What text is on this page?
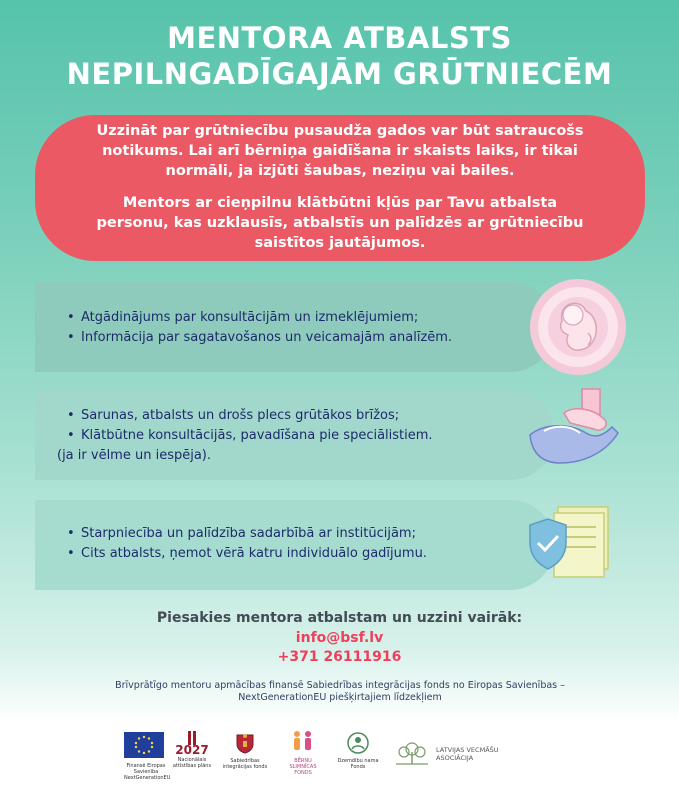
MENTORA ATBALSTS
NEPILNGADĪGAJĀM GRŪTNIECĒM

Uzzināt par grūtniecību pusaudža gados var būt satraucošs notikums. Lai arī bērniņa gaidīšana ir skaists laiks, ir tikai normāli, ja izjūti šaubas, neziņu vai bailes.

Mentors ar cieņpilnu klātbūtni kļūs par Tavu atbalsta personu, kas uzklausīs, atbalstīs un palīdzēs ar grūtniecību saistītos jautājumos.

• Atgādinājums par konsultācijām un izmeklējumiem;
• Informācija par sagatavošanos un veicamajām analīzēm.
• Sarunas, atbalsts un drošs plecs grūtākos brīžos;
• Klātbūtne konsultācijās, pavadīšana pie speciālistiem.
(ja ir vēlme un iespēja).
• Starpniecība un palīdzība sadarbībā ar institūcijām;
• Cits atbalsts, ņemot vērā katru individuālo gadījumu.
Piesakies mentora atbalstam un uzzini vairāk:
info@bsf.lv
+371 26111916
Brīvprātīgo mentoru apmācības finansē Sabiedrības integrācijas fonds no Eiropas Savienības –
NextGenerationEU piešķirtajiem līdzekļiem
Finansē Eiropas Savienība NextGenerationEU
2027
Nacionālais attīstības plāns
Sabiedrības integrācijas fonds
BĒRNU SLIMNĪCAS FONDS
Dzemdību nama Fonds
LATVIJAS VECMĀŠU ASOCIĀCIJA
